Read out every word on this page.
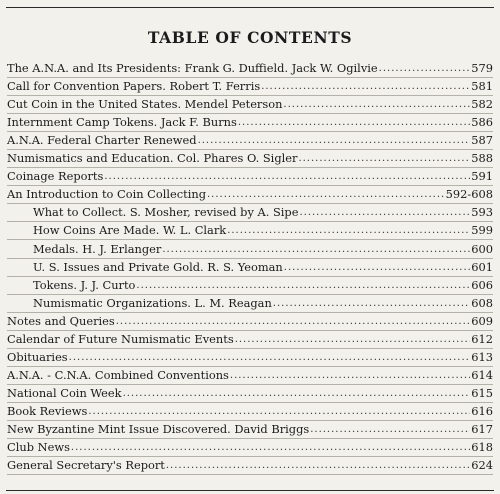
TABLE OF CONTENTS
The A.N.A. and Its Presidents: Frank G. Duffield. Jack W. Ogilvie .....	579
Call for Convention Papers. Robert T. Ferris .....	581
Cut Coin in the United States. Mendel Peterson .....	582
Internment Camp Tokens. Jack F. Burns .....	586
A.N.A. Federal Charter Renewed .....	587
Numismatics and Education. Col. Phares O. Sigler .....	588
Coinage Reports .....	591
An Introduction to Coin Collecting .....	592-608
What to Collect. S. Mosher, revised by A. Sipe .....	593
How Coins Are Made. W. L. Clark .....	599
Medals. H. J. Erlanger .....	600
U. S. Issues and Private Gold. R. S. Yeoman .....	601
Tokens. J. J. Curto .....	606
Numismatic Organizations. L. M. Reagan .....	608
Notes and Queries .....	609
Calendar of Future Numismatic Events .....	612
Obituaries .....	613
A.N.A. - C.N.A. Combined Conventions .....	614
National Coin Week .....	615
Book Reviews .....	616
New Byzantine Mint Issue Discovered. David Briggs .....	617
Club News .....	618
General Secretary's Report .....	624
